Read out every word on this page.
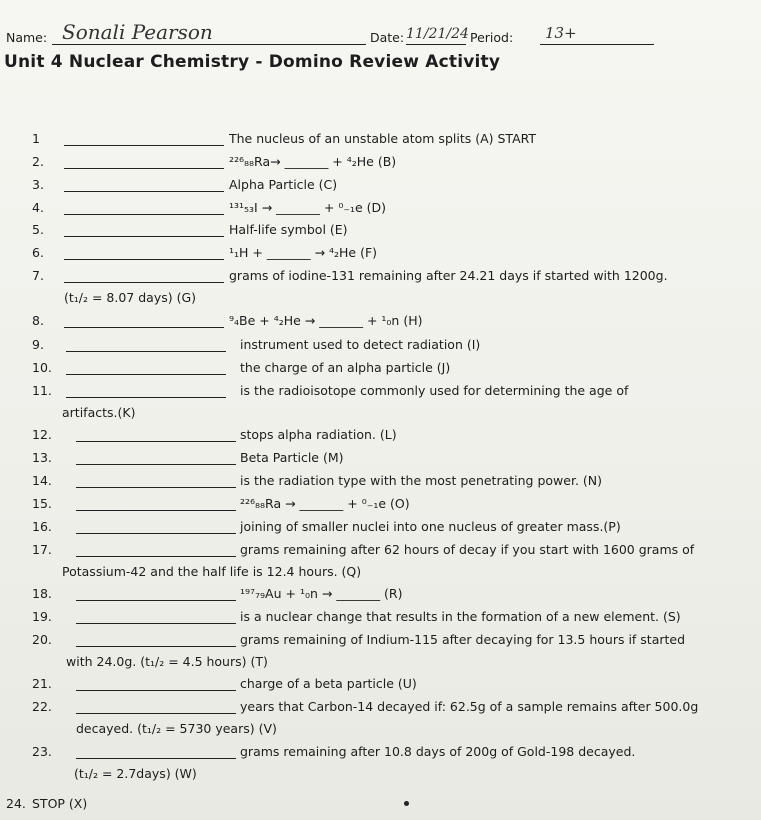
Name: Sonali Pearson	Date: 11/21/24 Period: 13+
Unit 4 Nuclear Chemistry - Domino Review Activity
1	The nucleus of an unstable atom splits (A) START
2.	²²⁶₈₈Ra→ _______ + ⁴₂He (B)
3.	Alpha Particle (C)
4.	¹³¹₅₃I → _______ + ⁰₋₁e (D)
5.	Half-life symbol (E)
6.	¹₁H + _______ → ⁴₂He (F)
7.	grams of iodine-131 remaining after 24.21 days if started with 1200g.
(t₁/₂ = 8.07 days) (G)
8.	⁹₄Be + ⁴₂He → _______ + ¹₀n (H)
9.	instrument used to detect radiation (I)
10.	the charge of an alpha particle (J)
11.	is the radioisotope commonly used for determining the age of
artifacts.(K)
12.	stops alpha radiation. (L)
13.	Beta Particle (M)
14.	is the radiation type with the most penetrating power. (N)
15.	²²⁶₈₈Ra → _______ + ⁰₋₁e (O)
16.	joining of smaller nuclei into one nucleus of greater mass.(P)
17.	grams remaining after 62 hours of decay if you start with 1600 grams of
Potassium-42 and the half life is 12.4 hours. (Q)
18.	¹⁹⁷₇₉Au + ¹₀n → _______ (R)
19.	is a nuclear change that results in the formation of a new element. (S)
20.	grams remaining of Indium-115 after decaying for 13.5 hours if started
with 24.0g. (t₁/₂ = 4.5 hours) (T)
21.	charge of a beta particle (U)
22.	years that Carbon-14 decayed if: 62.5g of a sample remains after 500.0g
decayed. (t₁/₂ = 5730 years) (V)
23.	grams remaining after 10.8 days of 200g of Gold-198 decayed.
(t₁/₂ = 2.7days) (W)
24. STOP (X)
